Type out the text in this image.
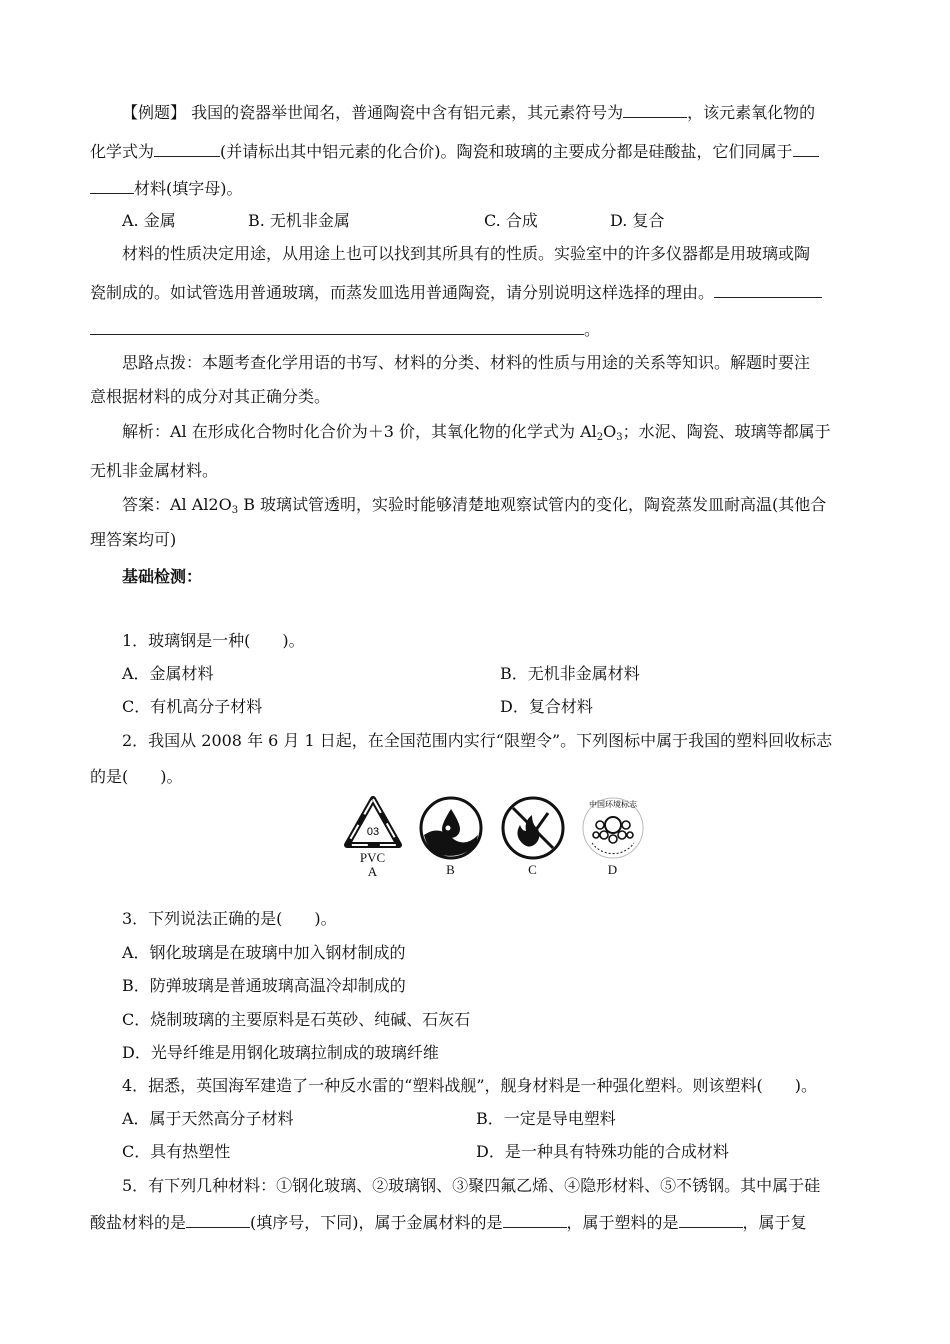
【例题】 我国的瓷器举世闻名，普通陶瓷中含有铝元素，其元素符号为	，该元素氧化物的
化学式为	(并请标出其中铝元素的化合价)。陶瓷和玻璃的主要成分都是硅酸盐，它们同属于
材料(填字母)。
A. 金属	B. 无机非金属	C. 合成	D. 复合
材料的性质决定用途，从用途上也可以找到其所具有的性质。实验室中的许多仪器都是用玻璃或陶
瓷制成的。如试管选用普通玻璃，而蒸发皿选用普通陶瓷，请分别说明这样选择的理由。
。
思路点拨：本题考查化学用语的书写、材料的分类、材料的性质与用途的关系等知识。解题时要注
意根据材料的成分对其正确分类。
解析：Al 在形成化合物时化合价为＋3 价，其氧化物的化学式为 $Al_2O_3$；水泥、陶瓷、玻璃等都属于
无机非金属材料。
答案：Al $Al2O_3$ B 玻璃试管透明，实验时能够清楚地观察试管内的变化，陶瓷蒸发皿耐高温(其他合
理答案均可)
基础检测：
1．玻璃钢是一种(　　)。
A．金属材料	B．无机非金属材料
C．有机高分子材料	D．复合材料
2．我国从 2008 年 6 月 1 日起，在全国范围内实行“限塑令”。下列图标中属于我国的塑料回收标志
的是(　　)。
03
PVC
A	B	C
中国环境标志
D
3．下列说法正确的是(　　)。
A．钢化玻璃是在玻璃中加入钢材制成的
B．防弹玻璃是普通玻璃高温冷却制成的
C．烧制玻璃的主要原料是石英砂、纯碱、石灰石
D．光导纤维是用钢化玻璃拉制成的玻璃纤维
4．据悉，英国海军建造了一种反水雷的“塑料战舰”，舰身材料是一种强化塑料。则该塑料(　　)。
A．属于天然高分子材料	B．一定是导电塑料
C．具有热塑性	D．是一种具有特殊功能的合成材料
5．有下列几种材料：①钢化玻璃、②玻璃钢、③聚四氟乙烯、④隐形材料、⑤不锈钢。其中属于硅
酸盐材料的是	(填序号，下同)，属于金属材料的是	，属于塑料的是	，属于复
